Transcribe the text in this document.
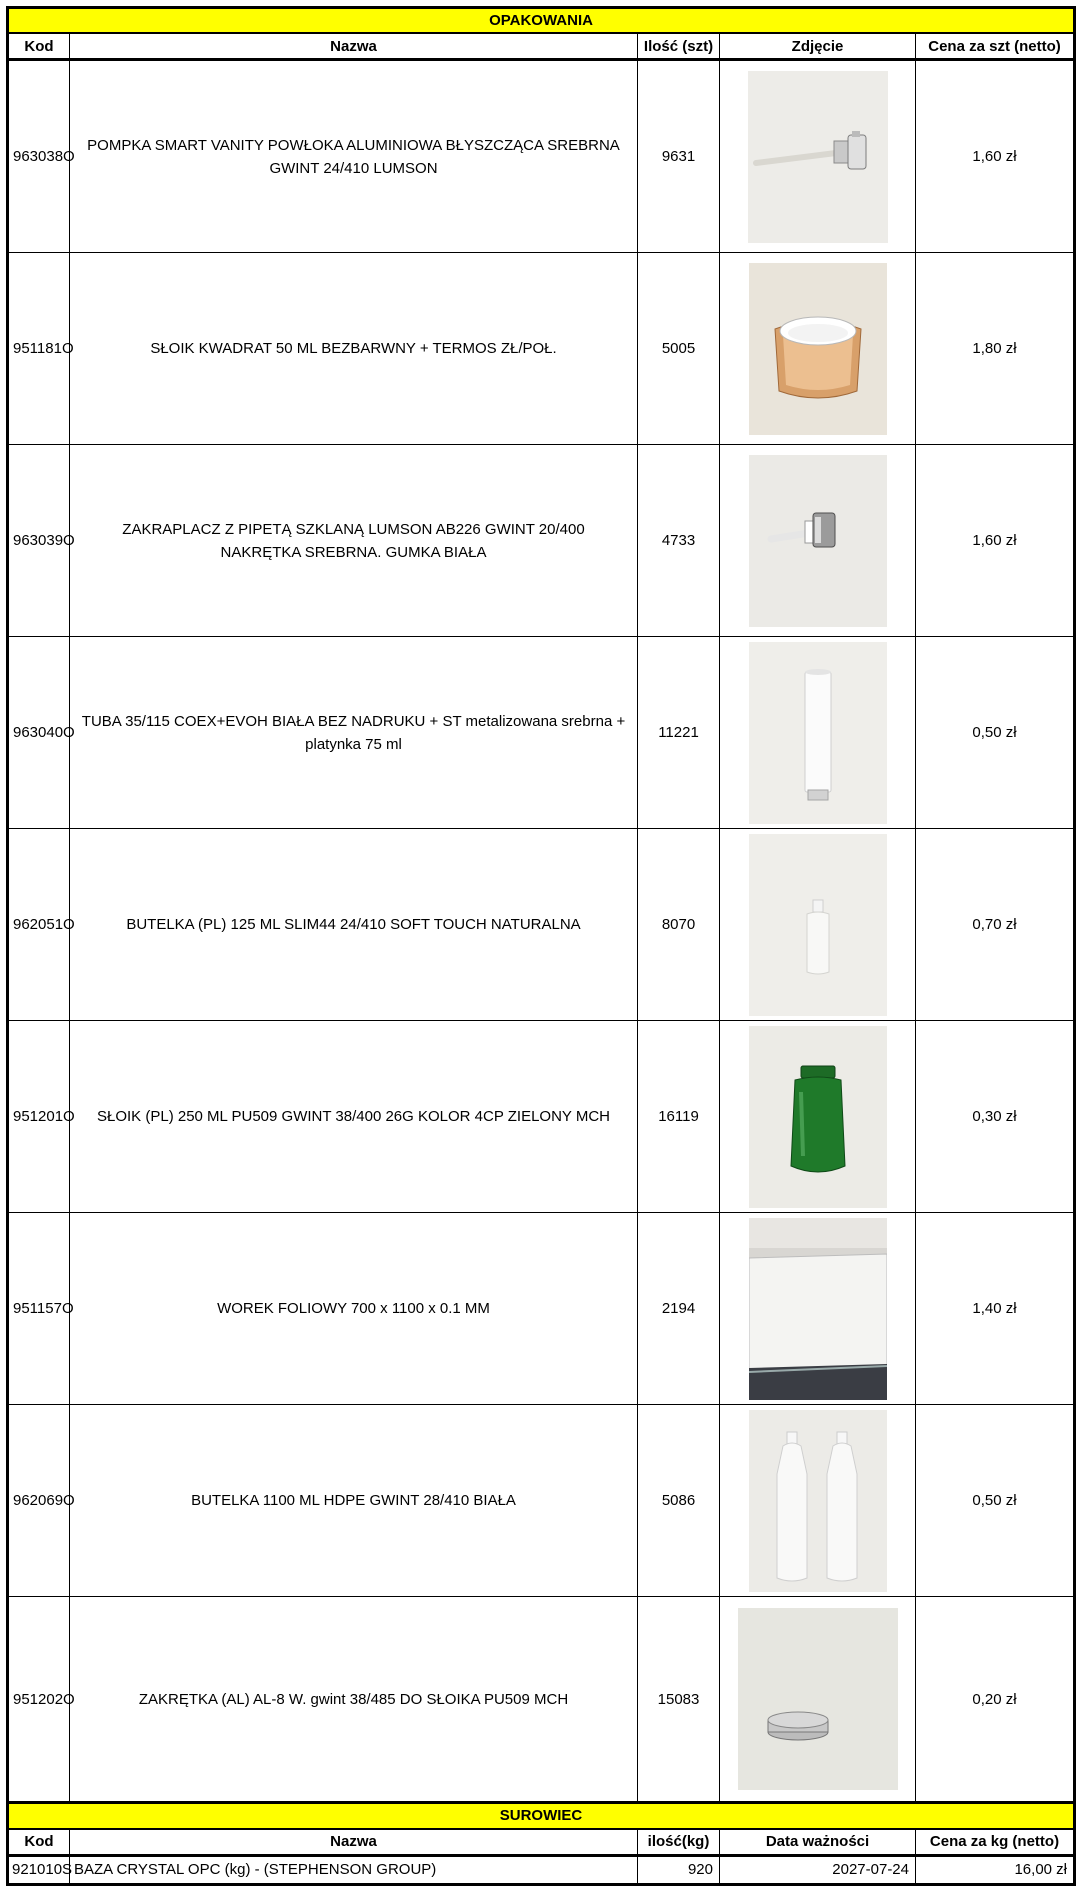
OPAKOWANIA				
Kod	Nazwa	Ilość (szt)	Zdjęcie	Cena za szt (netto)
963038O	POMPKA SMART VANITY POWŁOKA ALUMINIOWA BŁYSZCZĄCA SREBRNA GWINT 24/410 LUMSON	9631		1,60 zł
951181O	SŁOIK KWADRAT 50 ML BEZBARWNY + TERMOS ZŁ/POŁ.	5005		1,80 zł
963039O	ZAKRAPLACZ Z PIPETĄ SZKLANĄ LUMSON AB226 GWINT 20/400 NAKRĘTKA SREBRNA. GUMKA BIAŁA	4733		1,60 zł
963040O	TUBA 35/115 COEX+EVOH BIAŁA BEZ NADRUKU + ST metalizowana srebrna + platynka 75 ml	11221		0,50 zł
962051O	BUTELKA (PL) 125 ML SLIM44 24/410 SOFT TOUCH NATURALNA	8070		0,70 zł
951201O	SŁOIK (PL) 250 ML PU509 GWINT 38/400 26G KOLOR 4CP ZIELONY MCH	16119		0,30 zł
951157O	WOREK FOLIOWY 700 x 1100 x 0.1 MM	2194		1,40 zł
962069O	BUTELKA 1100 ML HDPE GWINT 28/410 BIAŁA	5086		0,50 zł
951202O	ZAKRĘTKA (AL) AL-8 W. gwint 38/485 DO SŁOIKA PU509 MCH	15083		0,20 zł
SUROWIEC				
Kod	Nazwa	ilość(kg)	Data ważności	Cena za kg (netto)
921010S	BAZA CRYSTAL OPC (kg) - (STEPHENSON GROUP)	920	2027-07-24	16,00 zł
